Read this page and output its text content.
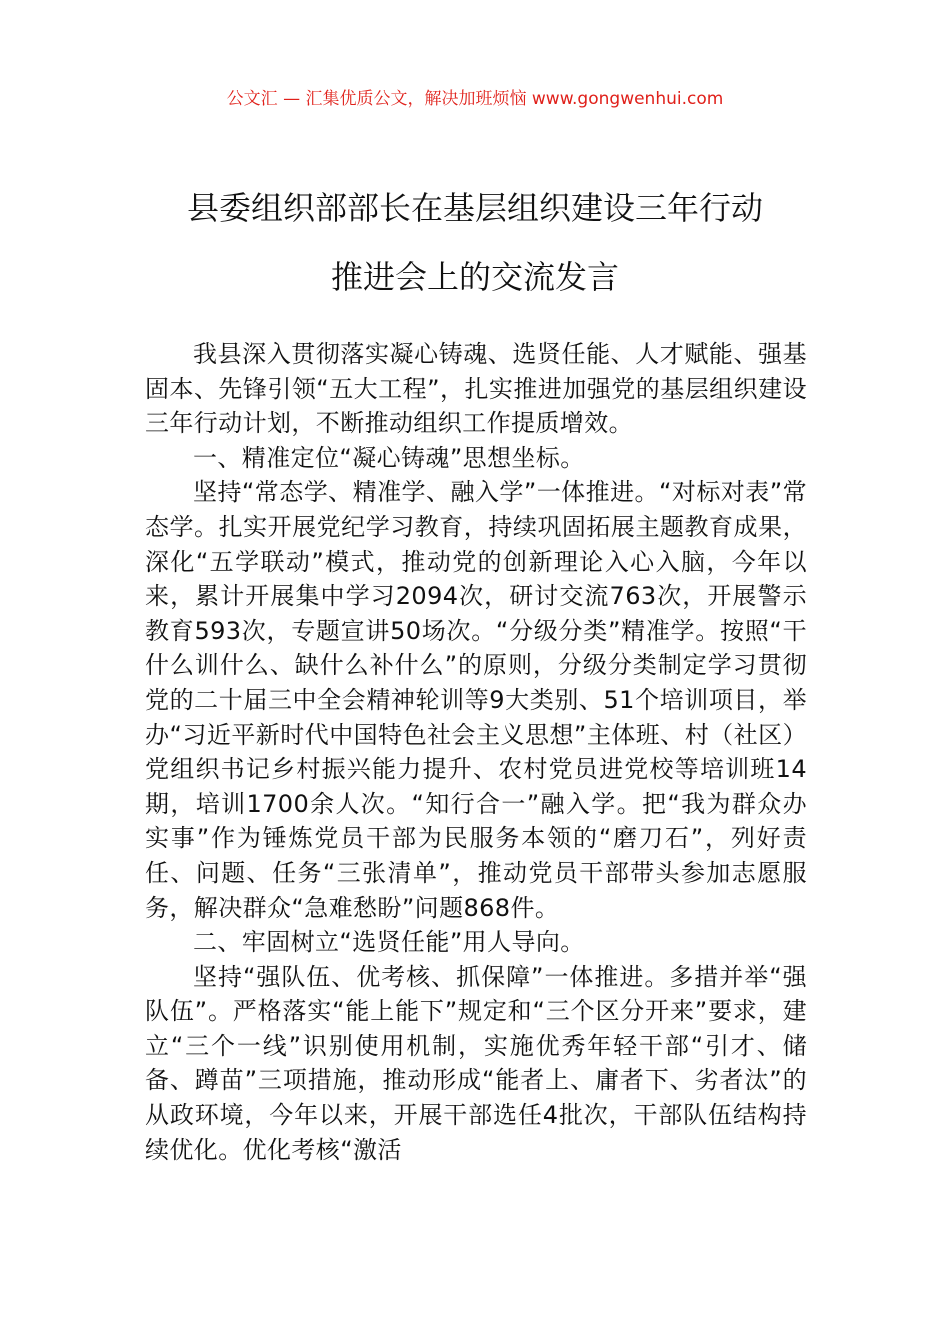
公文汇 — 汇集优质公文，解决加班烦恼 www.gongwenhui.com
县委组织部部长在基层组织建设三年行动
推进会上的交流发言

我县深入贯彻落实凝心铸魂、选贤任能、人才赋能、强基固本、先锋引领“五大工程”，扎实推进加强党的基层组织建设三年行动计划，不断推动组织工作提质增效。

一、精准定位“凝心铸魂”思想坐标。

坚持“常态学、精准学、融入学”一体推进。“对标对表”常态学。扎实开展党纪学习教育，持续巩固拓展主题教育成果，深化“五学联动”模式，推动党的创新理论入心入脑，今年以来，累计开展集中学习2094次，研讨交流763次，开展警示教育593次，专题宣讲50场次。“分级分类”精准学。按照“干什么训什么、缺什么补什么”的原则，分级分类制定学习贯彻党的二十届三中全会精神轮训等9大类别、51个培训项目，举办“习近平新时代中国特色社会主义思想”主体班、村（社区）党组织书记乡村振兴能力提升、农村党员进党校等培训班14期，培训1700余人次。“知行合一”融入学。把“我为群众办实事”作为锤炼党员干部为民服务本领的“磨刀石”，列好责任、问题、任务“三张清单”，推动党员干部带头参加志愿服务，解决群众“急难愁盼”问题868件。

二、牢固树立“选贤任能”用人导向。

坚持“强队伍、优考核、抓保障”一体推进。多措并举“强队伍”。严格落实“能上能下”规定和“三个区分开来”要求，建立“三个一线”识别使用机制，实施优秀年轻干部“引才、储备、蹲苗”三项措施，推动形成“能者上、庸者下、劣者汰”的从政环境，今年以来，开展干部选任4批次，干部队伍结构持续优化。优化考核“激活
